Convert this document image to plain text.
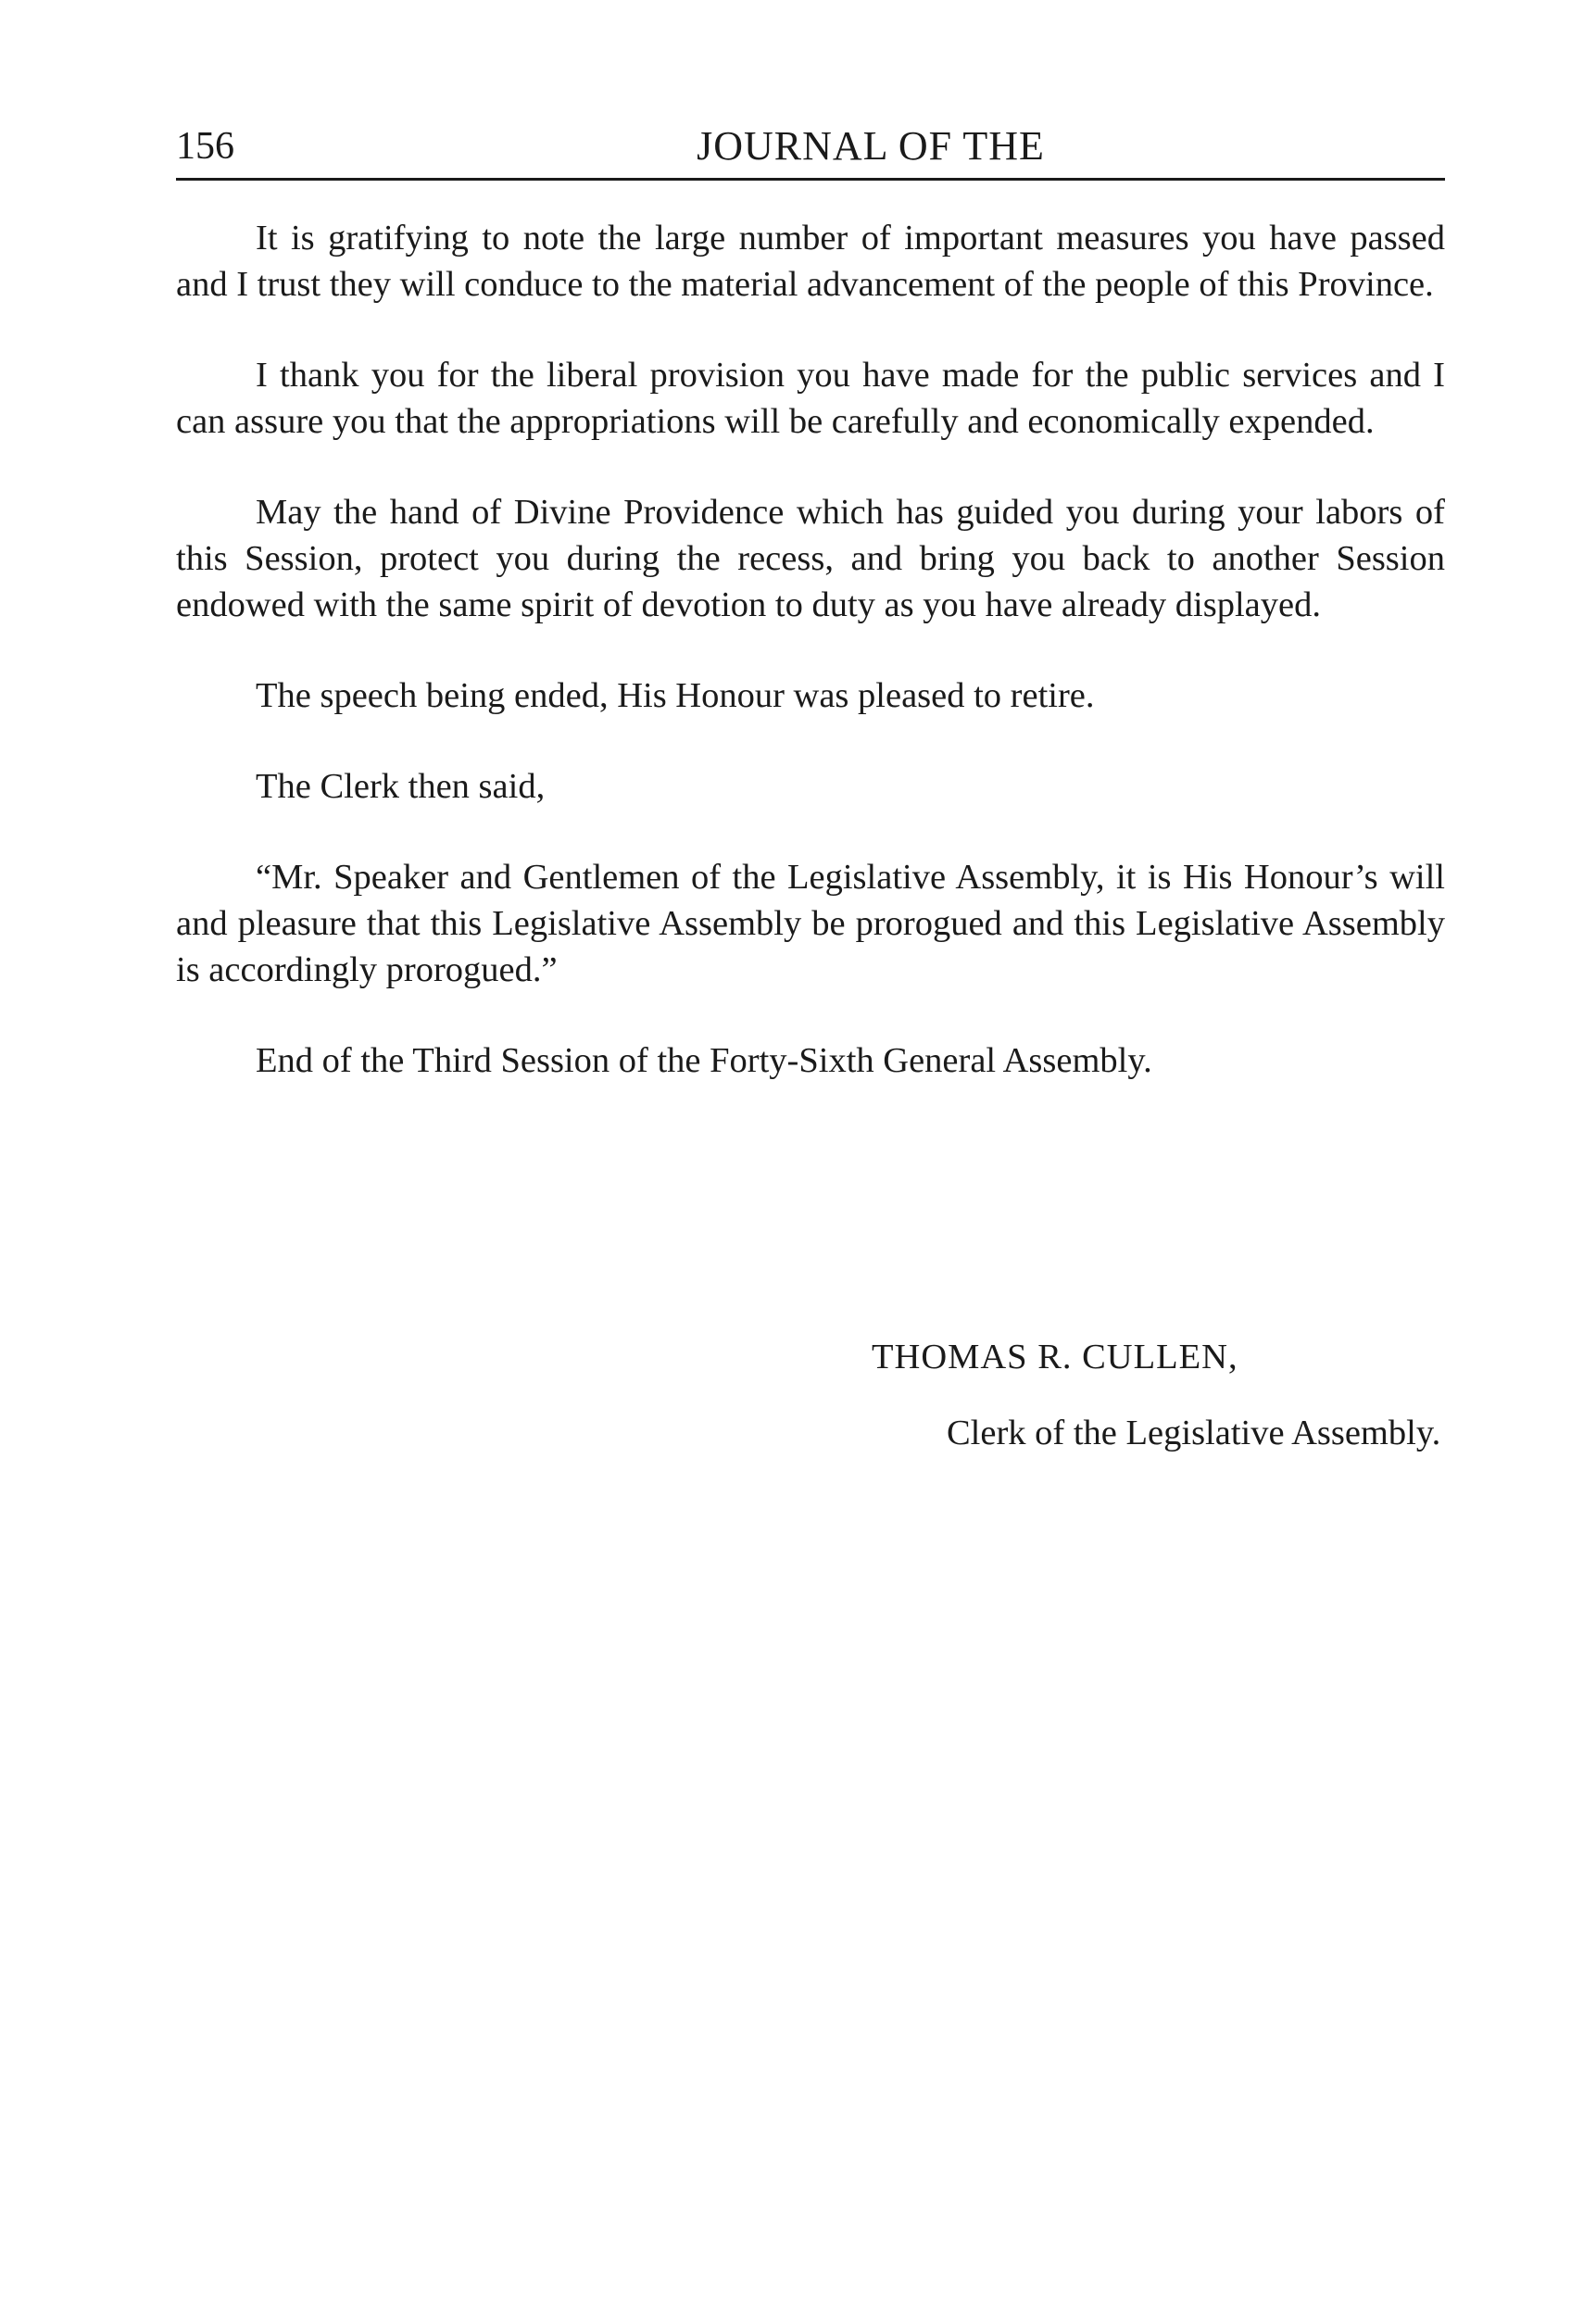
156	JOURNAL OF THE

It is gratifying to note the large number of important measures you have passed and I trust they will conduce to the material advancement of the people of this Province.

I thank you for the liberal provision you have made for the public services and I can assure you that the appropriations will be carefully and economically expended.

May the hand of Divine Providence which has guided you during your labors of this Session, protect you during the recess, and bring you back to another Session endowed with the same spirit of devotion to duty as you have already displayed.

The speech being ended, His Honour was pleased to retire.

The Clerk then said,

“Mr. Speaker and Gentlemen of the Legislative Assembly, it is His Honour’s will and pleasure that this Legislative Assembly be prorogued and this Legislative Assembly is accordingly prorogued.”

End of the Third Session of the Forty-Sixth General Assembly.

THOMAS R. CULLEN,
Clerk of the Legislative Assembly.
